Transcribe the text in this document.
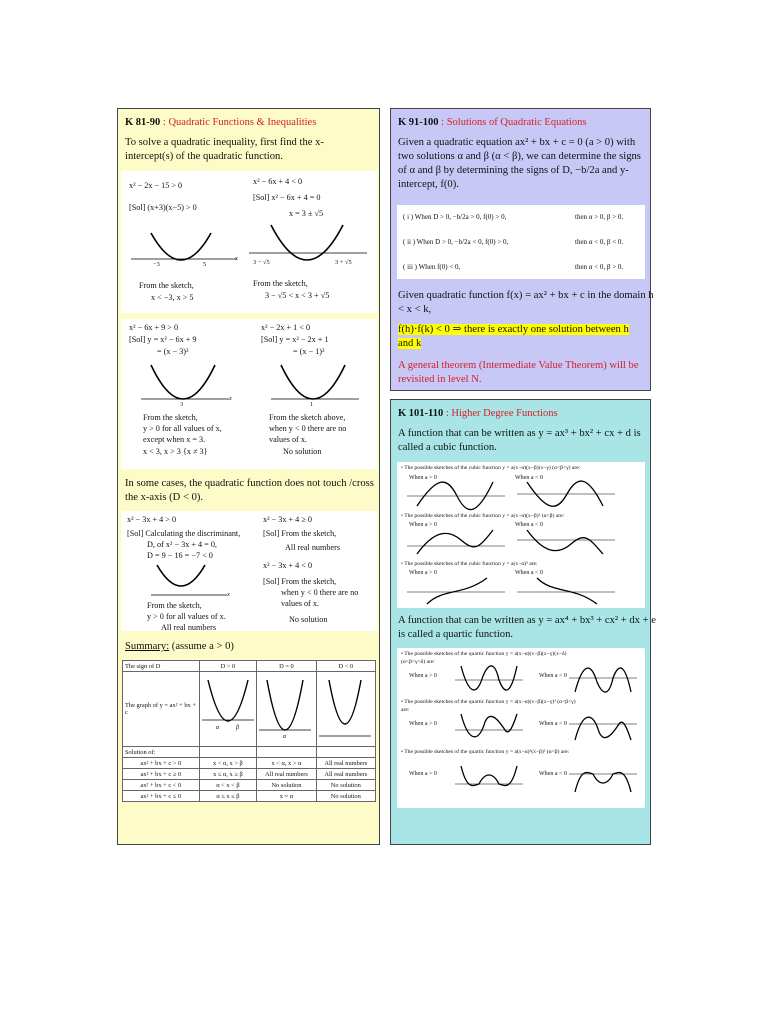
K 81-90 : Quadratic Functions & Inequalities
To solve a quadratic inequality, first find the x-intercept(s) of the quadratic function.
x² − 2x − 15 > 0
[Sol] (x+3)(x−5) > 0
−3	5
x
From the sketch,
x < −3, x > 5
x² − 6x + 4 < 0
[Sol] x² − 6x + 4 = 0
x = 3 ± √5
3 − √5	3 + √5
From the sketch,
3 − √5 < x < 3 + √5
x² − 6x + 9 > 0
[Sol] y = x² − 6x + 9
= (x − 3)²
3
x
From the sketch,
y > 0 for all values of x,
except when x = 3.
x < 3, x > 3 {x ≠ 3}
x² − 2x + 1 < 0
[Sol] y = x² − 2x + 1
= (x − 1)²
1
From the sketch above,
when y < 0 there are no
values of x.
No solution
In some cases, the quadratic function does not touch /cross the x-axis (D < 0).
x² − 3x + 4 > 0
[Sol] Calculating the discriminant,
D, of x² − 3x + 4 = 0,
D = 9 − 16 = −7 < 0
x
From the sketch,
y > 0 for all values of x.
All real numbers
x² − 3x + 4 ≥ 0
[Sol] From the sketch,
All real numbers
x² − 3x + 4 < 0
[Sol] From the sketch,
when y < 0 there are no
values of x.
No solution
Summary: (assume a > 0)
The sign of D	D > 0	D = 0	D < 0
The graph of y = ax² + bx + c	α β	α

Solution of:			
ax² + bx + c > 0	x < α, x > β	x < α, x > α	All real numbers
ax² + bx + c ≥ 0	x ≤ α, x ≥ β	All real numbers	All real numbers
ax² + bx + c < 0	α < x < β	No solution	No solution
ax² + bx + c ≤ 0	α ≤ x ≤ β	x = α	No solution
K 91-100 : Solutions of Quadratic Equations
Given a quadratic equation ax² + bx + c = 0 (a > 0) with two solutions α and β (α < β), we can determine the signs of α and β by determining the signs of D, −b/2a and y-intercept, f(0).
( i ) When D > 0, −b/2a > 0, f(0) > 0,	then α > 0, β > 0.
( ii ) When D > 0, −b/2a < 0, f(0) > 0,	then α < 0, β < 0.
( iii ) When f(0) < 0,	then α < 0, β > 0.
Given quadratic function f(x) = ax² + bx + c in the domain h < x < k,
f(h)·f(k) < 0 ⇒ there is exactly one solution between h and k
A general theorem (Intermediate Value Theorem) will be revisited in level N.
K 101-110 : Higher Degree Functions
A function that can be written as y = ax³ + bx² + cx + d is called a cubic function.
• The possible sketches of the cubic function y = a(x−α)(x−β)(x−γ) (α<β<γ) are:
When a > 0	When a < 0
• The possible sketches of the cubic function y = a(x−α)(x−β)² (α<β) are:
When a > 0	When a < 0
• The possible sketches of the cubic function y = a(x−α)³ are:
When a > 0	When a < 0
A function that can be written as y = ax⁴ + bx³ + cx² + dx + e is called a quartic function.
• The possible sketches of the quartic function y = a(x−α)(x−β)(x−γ)(x−δ) (α<β<γ<δ) are:
When a > 0	When a < 0
• The possible sketches of the quartic function y = a(x−α)(x−β)(x−γ)² (α<β<γ) are:
When a > 0	When a < 0
• The possible sketches of the quartic function y = a(x−α)²(x−β)² (α<β) are:
When a > 0	When a < 0
